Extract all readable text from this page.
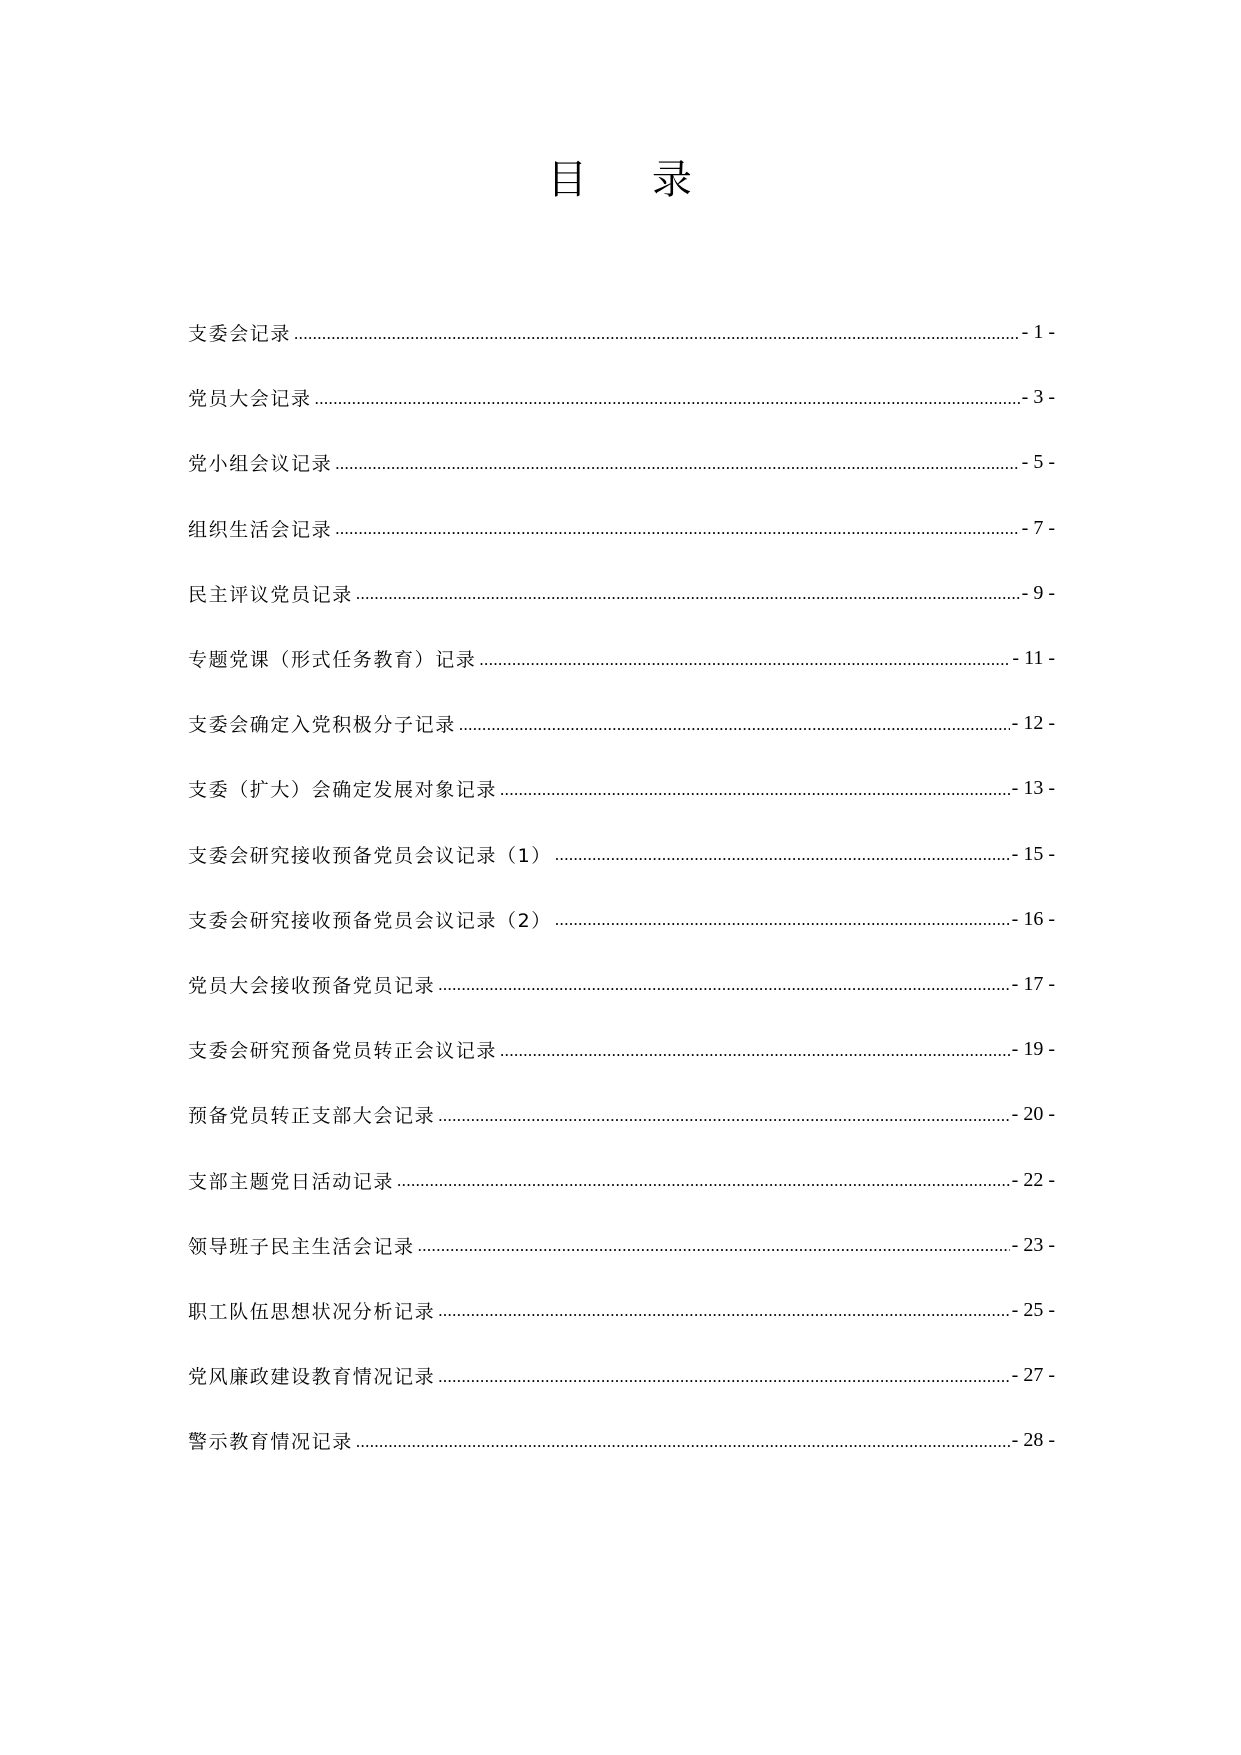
目 录
支委会记录 .....	- 1 -
党员大会记录 .....	- 3 -
党小组会议记录 .....	- 5 -
组织生活会记录 .....	- 7 -
民主评议党员记录 .....	- 9 -
专题党课（形式任务教育）记录 .....	- 11 -
支委会确定入党积极分子记录 .....	- 12 -
支委（扩大）会确定发展对象记录 .....	- 13 -
支委会研究接收预备党员会议记录（1） .....	- 15 -
支委会研究接收预备党员会议记录（2） .....	- 16 -
党员大会接收预备党员记录 .....	- 17 -
支委会研究预备党员转正会议记录 .....	- 19 -
预备党员转正支部大会记录 .....	- 20 -
支部主题党日活动记录 .....	- 22 -
领导班子民主生活会记录 .....	- 23 -
职工队伍思想状况分析记录 .....	- 25 -
党风廉政建设教育情况记录 .....	- 27 -
警示教育情况记录 .....	- 28 -
